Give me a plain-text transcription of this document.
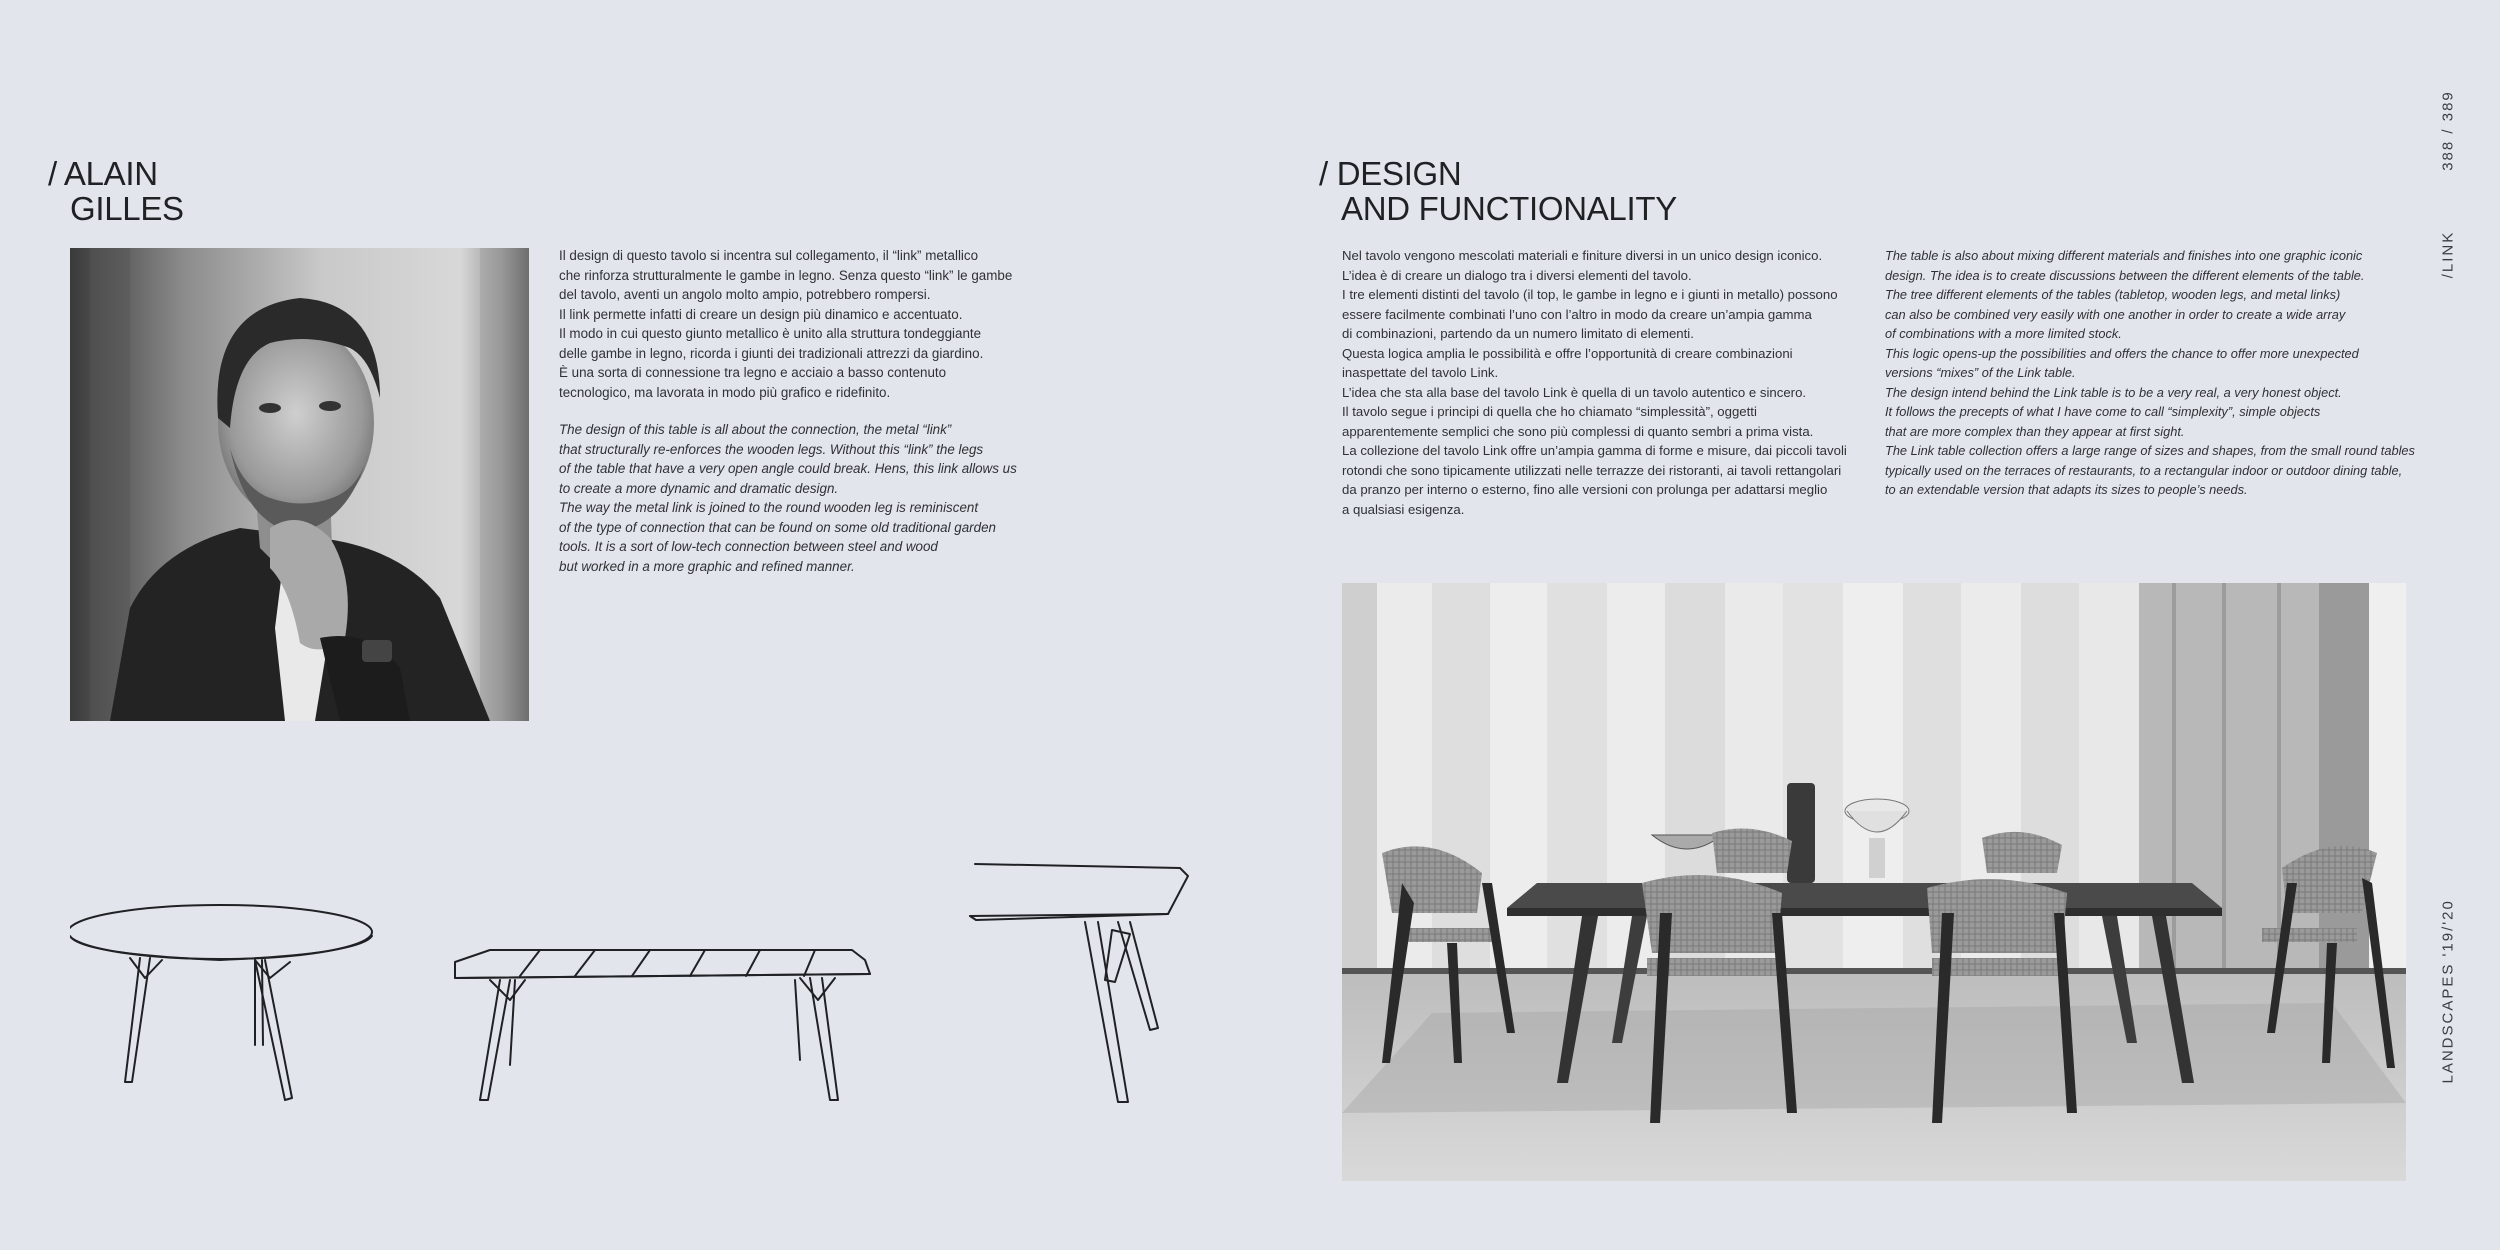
/ ALAIN
GILLES
Il design di questo tavolo si incentra sul collegamento, il “link” metallico
che rinforza strutturalmente le gambe in legno. Senza questo “link” le gambe
del tavolo, aventi un angolo molto ampio, potrebbero rompersi.
Il link permette infatti di creare un design più dinamico e accentuato.
Il modo in cui questo giunto metallico è unito alla struttura tondeggiante
delle gambe in legno, ricorda i giunti dei tradizionali attrezzi da giardino.
È una sorta di connessione tra legno e acciaio a basso contenuto
tecnologico, ma lavorata in modo più grafico e ridefinito.
The design of this table is all about the connection, the metal “link”
that structurally re-enforces the wooden legs. Without this “link” the legs
of the table that have a very open angle could break. Hens, this link allows us
to create a more dynamic and dramatic design.
The way the metal link is joined to the round wooden leg is reminiscent
of the type of connection that can be found on some old traditional garden
tools. It is a sort of low-tech connection between steel and wood
but worked in a more graphic and refined manner.
/ DESIGN
AND FUNCTIONALITY
Nel tavolo vengono mescolati materiali e finiture diversi in un unico design iconico.
L’idea è di creare un dialogo tra i diversi elementi del tavolo.
I tre elementi distinti del tavolo (il top, le gambe in legno e i giunti in metallo) possono
essere facilmente combinati l’uno con l’altro in modo da creare un’ampia gamma
di combinazioni, partendo da un numero limitato di elementi.
Questa logica amplia le possibilità e offre l’opportunità di creare combinazioni
inaspettate del tavolo Link.
L’idea che sta alla base del tavolo Link è quella di un tavolo autentico e sincero.
Il tavolo segue i principi di quella che ho chiamato “simplessità”, oggetti
apparentemente semplici che sono più complessi di quanto sembri a prima vista.
La collezione del tavolo Link offre un’ampia gamma di forme e misure, dai piccoli tavoli
rotondi che sono tipicamente utilizzati nelle terrazze dei ristoranti, ai tavoli rettangolari
da pranzo per interno o esterno, fino alle versioni con prolunga per adattarsi meglio
a qualsiasi esigenza.
The table is also about mixing different materials and finishes into one graphic iconic
design. The idea is to create discussions between the different elements of the table.
The tree different elements of the tables (tabletop, wooden legs, and metal links)
can also be combined very easily with one another in order to create a wide array
of combinations with a more limited stock.
This logic opens-up the possibilities and offers the chance to offer more unexpected
versions “mixes” of the Link table.
The design intend behind the Link table is to be a very real, a very honest object.
It follows the precepts of what I have come to call “simplexity”, simple objects
that are more complex than they appear at first sight.
The Link table collection offers a large range of sizes and shapes, from the small round tables
typically used on the terraces of restaurants, to a rectangular indoor or outdoor dining table,
to an extendable version that adapts its sizes to people’s needs.
388 / 389
/LINK
LANDSCAPES '19/'20
